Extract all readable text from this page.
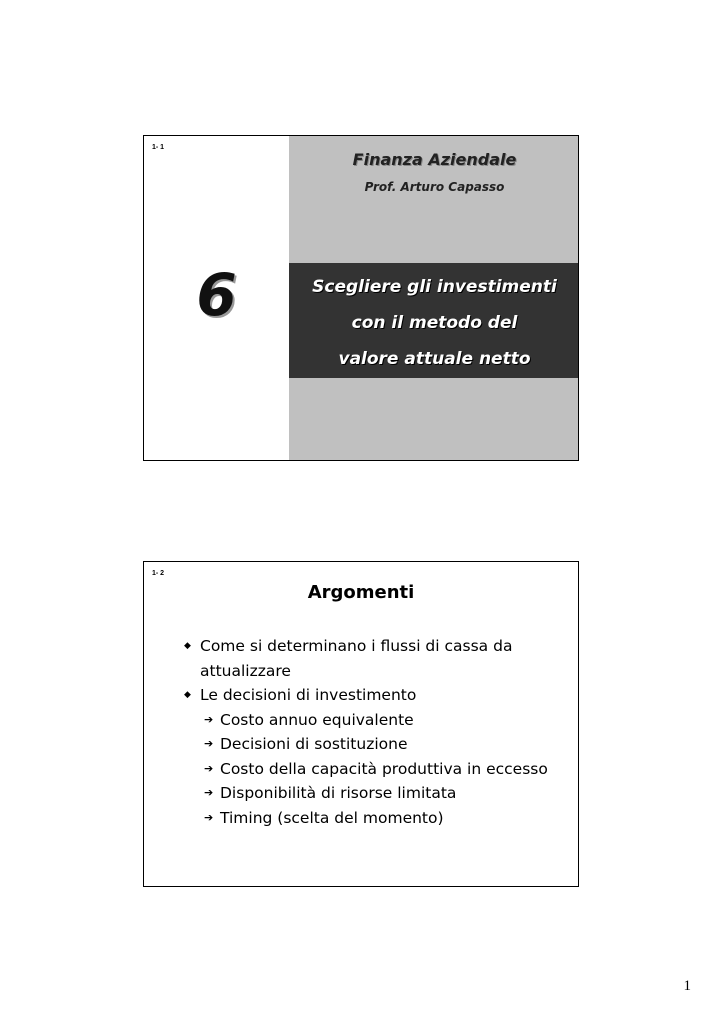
1- 1
6
Finanza Aziendale
Prof. Arturo Capasso
Scegliere gli investimenti
con il metodo del
valore attuale netto
1- 2
Argomenti
◆ Come si determinano i flussi di cassa da
attualizzare
◆ Le decisioni di investimento
➔ Costo annuo equivalente
➔ Decisioni di sostituzione
➔ Costo della capacità produttiva in eccesso
➔ Disponibilità di risorse limitata
➔ Timing (scelta del momento)
1
